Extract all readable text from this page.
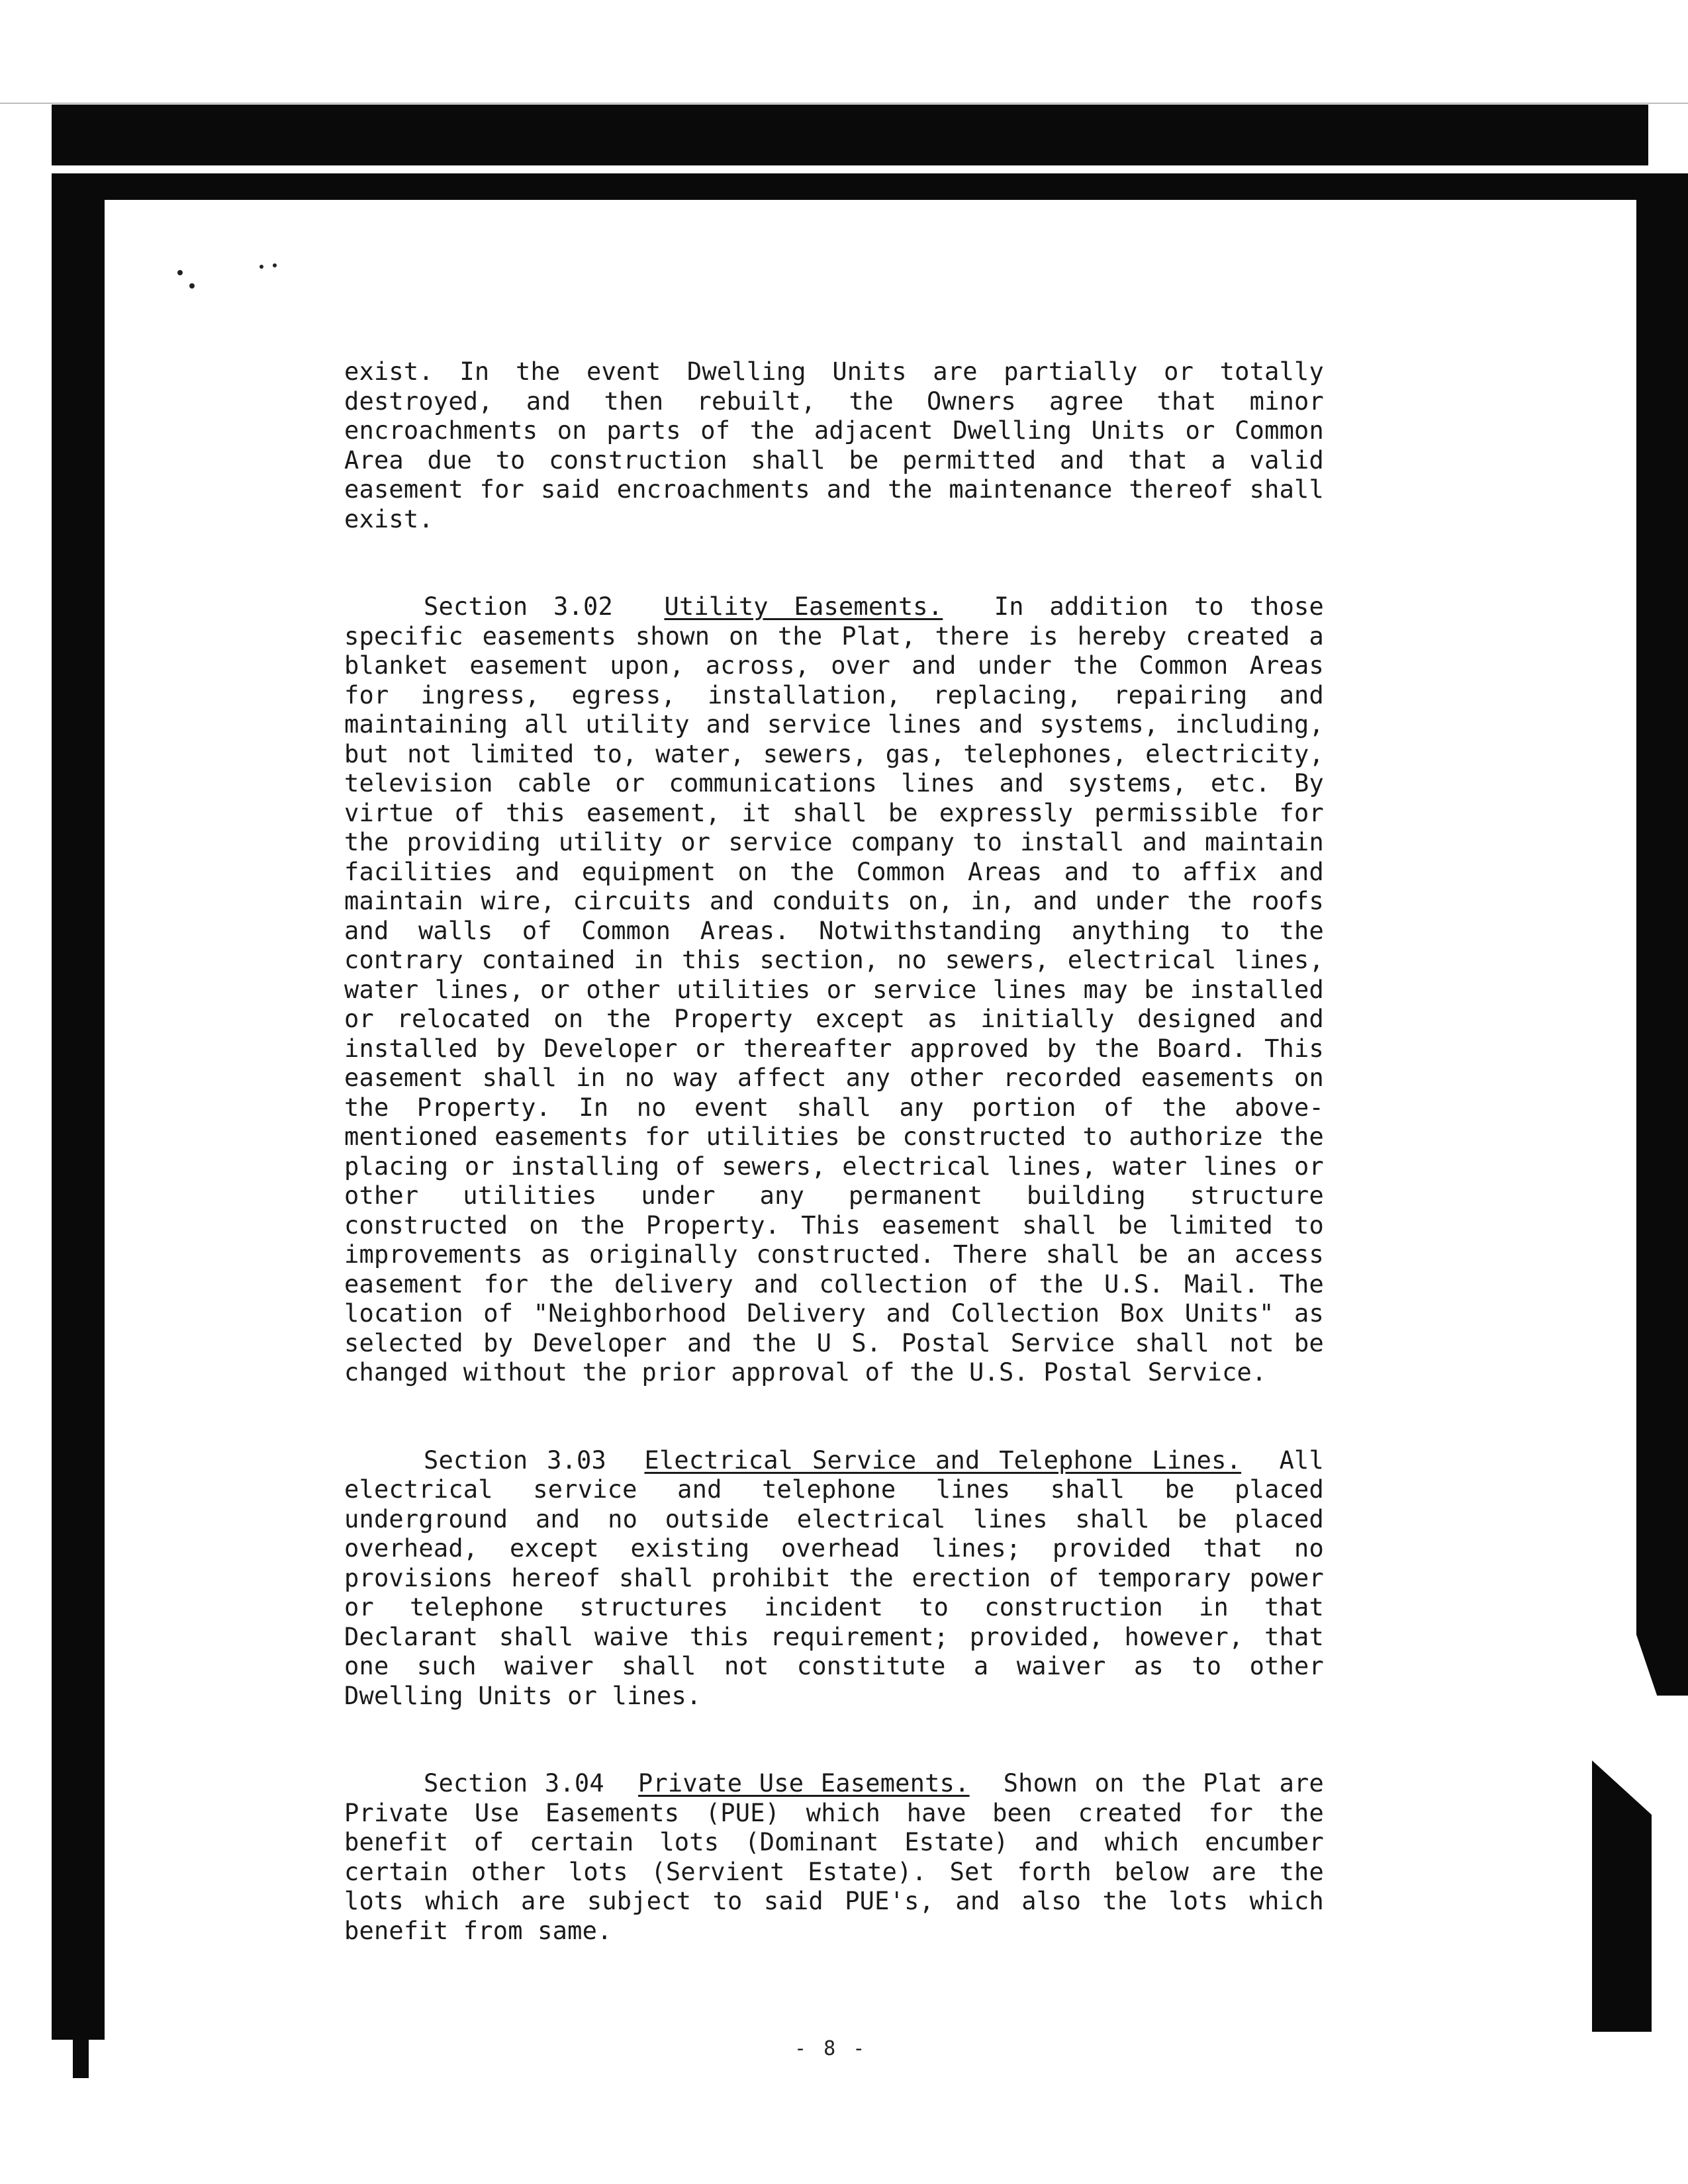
exist. In the event Dwelling Units are partially or totally destroyed, and then rebuilt, the Owners agree that minor encroachments on parts of the adjacent Dwelling Units or Common Area due to construction shall be permitted and that a valid easement for said encroachments and the maintenance thereof shall exist.

Section 3.02 Utility Easements. In addition to those specific easements shown on the Plat, there is hereby created a blanket easement upon, across, over and under the Common Areas for ingress, egress, installation, replacing, repairing and maintaining all utility and service lines and systems, including, but not limited to, water, sewers, gas, telephones, electricity, television cable or communications lines and systems, etc. By virtue of this easement, it shall be expressly permissible for the providing utility or service company to install and maintain facilities and equipment on the Common Areas and to affix and maintain wire, circuits and conduits on, in, and under the roofs and walls of Common Areas. Notwithstanding anything to the contrary contained in this section, no sewers, electrical lines, water lines, or other utilities or service lines may be installed or relocated on the Property except as initially designed and installed by Developer or thereafter approved by the Board. This easement shall in no way affect any other recorded easements on the Property. In no event shall any portion of the above-mentioned easements for utilities be constructed to authorize the placing or installing of sewers, electrical lines, water lines or other utilities under any permanent building structure constructed on the Property. This easement shall be limited to improvements as originally constructed. There shall be an access easement for the delivery and collection of the U.S. Mail. The location of "Neighborhood Delivery and Collection Box Units" as selected by Developer and the U S. Postal Service shall not be changed without the prior approval of the U.S. Postal Service.

Section 3.03 Electrical Service and Telephone Lines. All electrical service and telephone lines shall be placed underground and no outside electrical lines shall be placed overhead, except existing overhead lines; provided that no provisions hereof shall prohibit the erection of temporary power or telephone structures incident to construction in that Declarant shall waive this requirement; provided, however, that one such waiver shall not constitute a waiver as to other Dwelling Units or lines.

Section 3.04 Private Use Easements. Shown on the Plat are Private Use Easements (PUE) which have been created for the benefit of certain lots (Dominant Estate) and which encumber certain other lots (Servient Estate). Set forth below are the lots which are subject to said PUE's, and also the lots which benefit from same.

- 8 -
